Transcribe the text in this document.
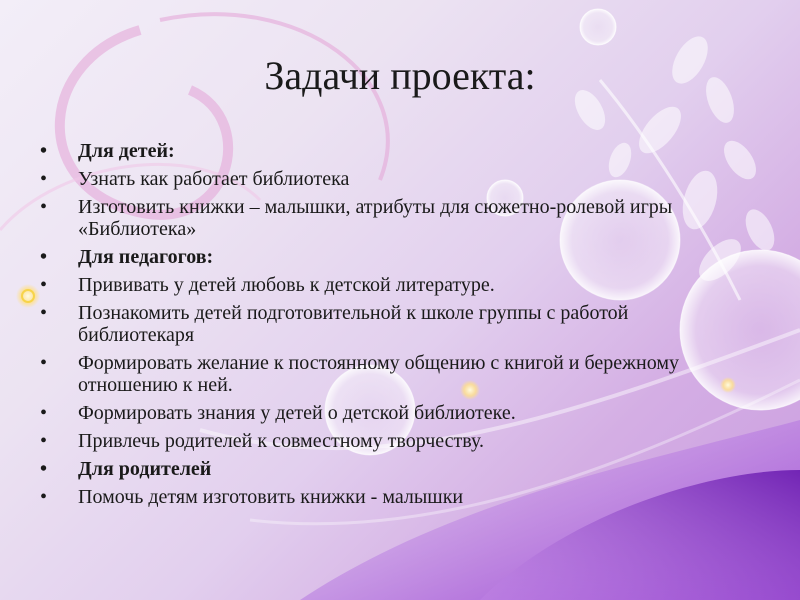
Задачи проекта:
• Для детей:
• Узнать как работает библиотека
• Изготовить книжки – малышки, атрибуты для сюжетно-ролевой игры «Библиотека»
• Для педагогов:
• Прививать у детей любовь к детской литературе.
• Познакомить детей подготовительной к школе группы с работой библиотекаря
• Формировать желание к постоянному общению с книгой и бережному отношению к ней.
• Формировать знания у детей о детской библиотеке.
• Привлечь родителей к совместному творчеству.
• Для родителей
• Помочь детям изготовить книжки - малышки
